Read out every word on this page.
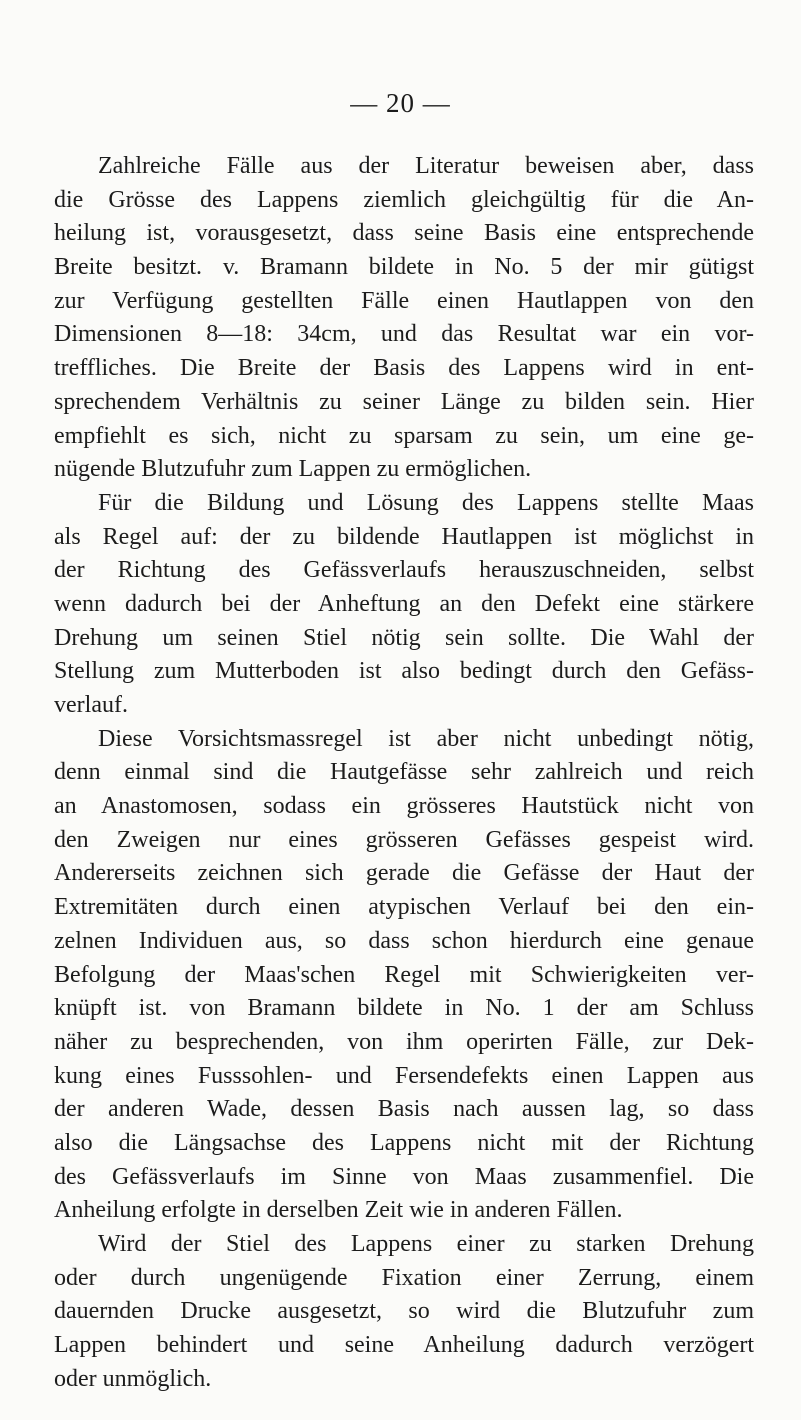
— 20 —
Zahlreiche Fälle aus der Literatur beweisen aber, dass
die Grösse des Lappens ziemlich gleichgültig für die An-
heilung ist, vorausgesetzt, dass seine Basis eine entsprechende
Breite besitzt. v. Bramann bildete in No. 5 der mir gütigst
zur Verfügung gestellten Fälle einen Hautlappen von den
Dimensionen 8—18: 34cm, und das Resultat war ein vor-
treffliches. Die Breite der Basis des Lappens wird in ent-
sprechendem Verhältnis zu seiner Länge zu bilden sein. Hier
empfiehlt es sich, nicht zu sparsam zu sein, um eine ge-
nügende Blutzufuhr zum Lappen zu ermöglichen.
Für die Bildung und Lösung des Lappens stellte Maas
als Regel auf: der zu bildende Hautlappen ist möglichst in
der Richtung des Gefässverlaufs herauszuschneiden, selbst
wenn dadurch bei der Anheftung an den Defekt eine stärkere
Drehung um seinen Stiel nötig sein sollte. Die Wahl der
Stellung zum Mutterboden ist also bedingt durch den Gefäss-
verlauf.
Diese Vorsichtsmassregel ist aber nicht unbedingt nötig,
denn einmal sind die Hautgefässe sehr zahlreich und reich
an Anastomosen, sodass ein grösseres Hautstück nicht von
den Zweigen nur eines grösseren Gefässes gespeist wird.
Andererseits zeichnen sich gerade die Gefässe der Haut der
Extremitäten durch einen atypischen Verlauf bei den ein-
zelnen Individuen aus, so dass schon hierdurch eine genaue
Befolgung der Maas'schen Regel mit Schwierigkeiten ver-
knüpft ist. von Bramann bildete in No. 1 der am Schluss
näher zu besprechenden, von ihm operirten Fälle, zur Dek-
kung eines Fusssohlen- und Fersendefekts einen Lappen aus
der anderen Wade, dessen Basis nach aussen lag, so dass
also die Längsachse des Lappens nicht mit der Richtung
des Gefässverlaufs im Sinne von Maas zusammenfiel. Die
Anheilung erfolgte in derselben Zeit wie in anderen Fällen.
Wird der Stiel des Lappens einer zu starken Drehung
oder durch ungenügende Fixation einer Zerrung, einem
dauernden Drucke ausgesetzt, so wird die Blutzufuhr zum
Lappen behindert und seine Anheilung dadurch verzögert
oder unmöglich.
